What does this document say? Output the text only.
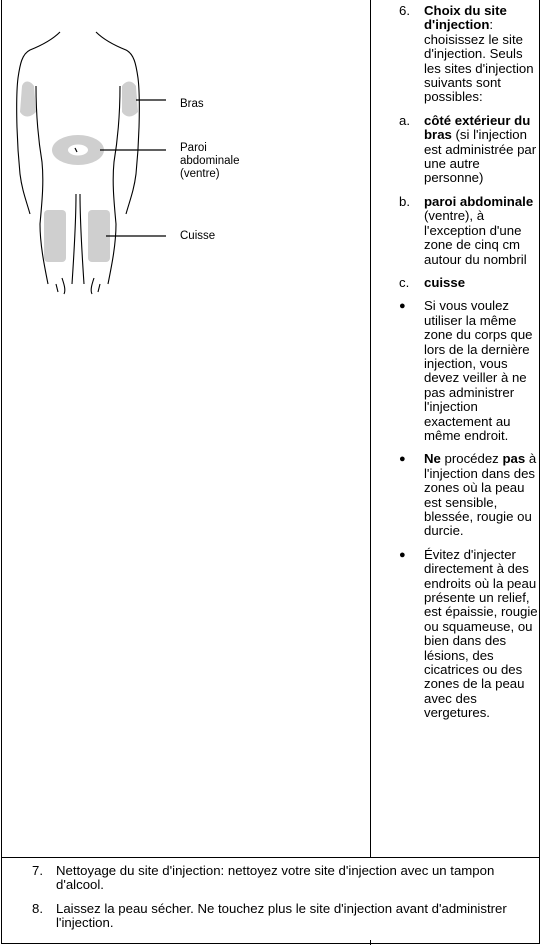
Bras
Paroi
abdominale
(ventre)
Cuisse
6. Choix du site d'injection: choisissez le site d'injection. Seuls les sites d'injection suivants sont possibles:
a. côté extérieur du bras (si l'injection est administrée par une autre personne)
b. paroi abdominale (ventre), à l'exception d'une zone de cinq cm autour du nombril
c. cuisse
● Si vous voulez utiliser la même zone du corps que lors de la dernière injection, vous devez veiller à ne pas administrer l'injection exactement au même endroit.
● Ne procédez pas à l'injection dans des zones où la peau est sensible, blessée, rougie ou durcie.
● Évitez d'injecter directement à des endroits où la peau présente un relief, est épaissie, rougie ou squameuse, ou bien dans des lésions, des cicatrices ou des zones de la peau avec des vergetures.
7. Nettoyage du site d'injection: nettoyez votre site d'injection avec un tampon d'alcool.
8. Laissez la peau sécher. Ne touchez plus le site d'injection avant d'administrer l'injection.
